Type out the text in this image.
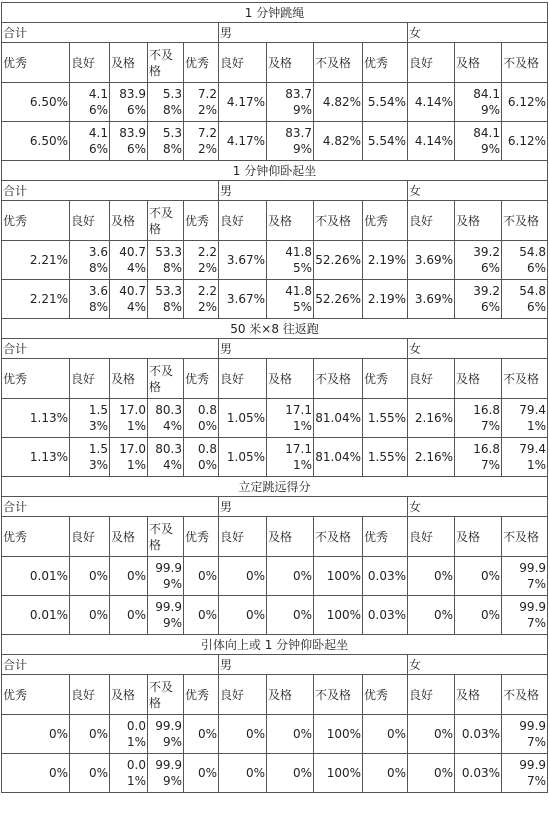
1 分钟跳绳											
合计					男				女		
优秀	良好	及格	不及格	优秀	良好	及格	不及格	优秀	良好	及格	不及格
6.50%	4.16%	83.96%	5.38%	7.22%	4.17%	83.79%	4.82%	5.54%	4.14%	84.19%	6.12%
6.50%	4.16%	83.96%	5.38%	7.22%	4.17%	83.79%	4.82%	5.54%	4.14%	84.19%	6.12%
1 分钟仰卧起坐											
合计					男				女		
优秀	良好	及格	不及格	优秀	良好	及格	不及格	优秀	良好	及格	不及格
2.21%	3.68%	40.74%	53.38%	2.22%	3.67%	41.85%	52.26%	2.19%	3.69%	39.26%	54.86%
2.21%	3.68%	40.74%	53.38%	2.22%	3.67%	41.85%	52.26%	2.19%	3.69%	39.26%	54.86%
50 米×8 往返跑											
合计					男				女		
优秀	良好	及格	不及格	优秀	良好	及格	不及格	优秀	良好	及格	不及格
1.13%	1.53%	17.01%	80.34%	0.80%	1.05%	17.11%	81.04%	1.55%	2.16%	16.87%	79.41%
1.13%	1.53%	17.01%	80.34%	0.80%	1.05%	17.11%	81.04%	1.55%	2.16%	16.87%	79.41%
立定跳远得分											
合计					男				女		
优秀	良好	及格	不及格	优秀	良好	及格	不及格	优秀	良好	及格	不及格
0.01%	0%	0%	99.99%	0%	0%	0%	100%	0.03%	0%	0%	99.97%
0.01%	0%	0%	99.99%	0%	0%	0%	100%	0.03%	0%	0%	99.97%
引体向上或 1 分钟仰卧起坐											
合计					男				女		
优秀	良好	及格	不及格	优秀	良好	及格	不及格	优秀	良好	及格	不及格
0%	0%	0.01%	99.99%	0%	0%	0%	100%	0%	0%	0.03%	99.97%
0%	0%	0.01%	99.99%	0%	0%	0%	100%	0%	0%	0.03%	99.97%
